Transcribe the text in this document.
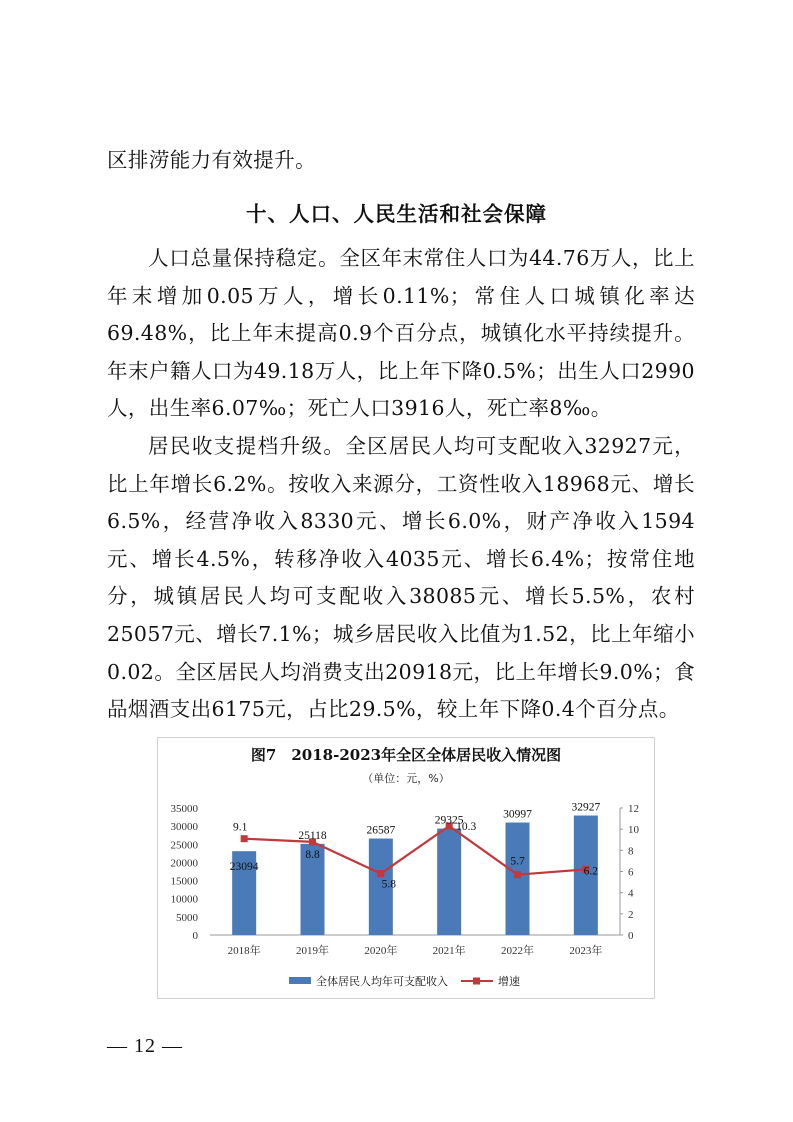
区排涝能力有效提升。

十、人口、人民生活和社会保障

人口总量保持稳定。全区年末常住人口为44.76万人，比上年末增加0.05万人，增长0.11%；常住人口城镇化率达69.48%，比上年末提高0.9个百分点，城镇化水平持续提升。年末户籍人口为49.18万人，比上年下降0.5%；出生人口2990人，出生率6.07‰；死亡人口3916人，死亡率8‰。

居民收支提档升级。全区居民人均可支配收入32927元，比上年增长6.2%。按收入来源分，工资性收入18968元、增长6.5%，经营净收入8330元、增长6.0%，财产净收入1594元、增长4.5%，转移净收入4035元、增长6.4%；按常住地分，城镇居民人均可支配收入38085元、增长5.5%，农村25057元、增长7.1%；城乡居民收入比值为1.52，比上年缩小0.02。全区居民人均消费支出20918元，比上年增长9.0%；食品烟酒支出6175元，占比29.5%，较上年下降0.4个百分点。

图7　2018-2023年全区全体居民收入情况图
（单位：元，%）
35000
30000
25000
20000
15000
10000
5000
0
12
10
8
6
4
2
0
2018年	2019年	2020年	2021年	2022年	2023年
23094
25118	26587
29325
30997
32927
9.1
8.8
5.8
10.3
5.7
6.2
全体居民人均年可支配收入	增速
— 12 —
